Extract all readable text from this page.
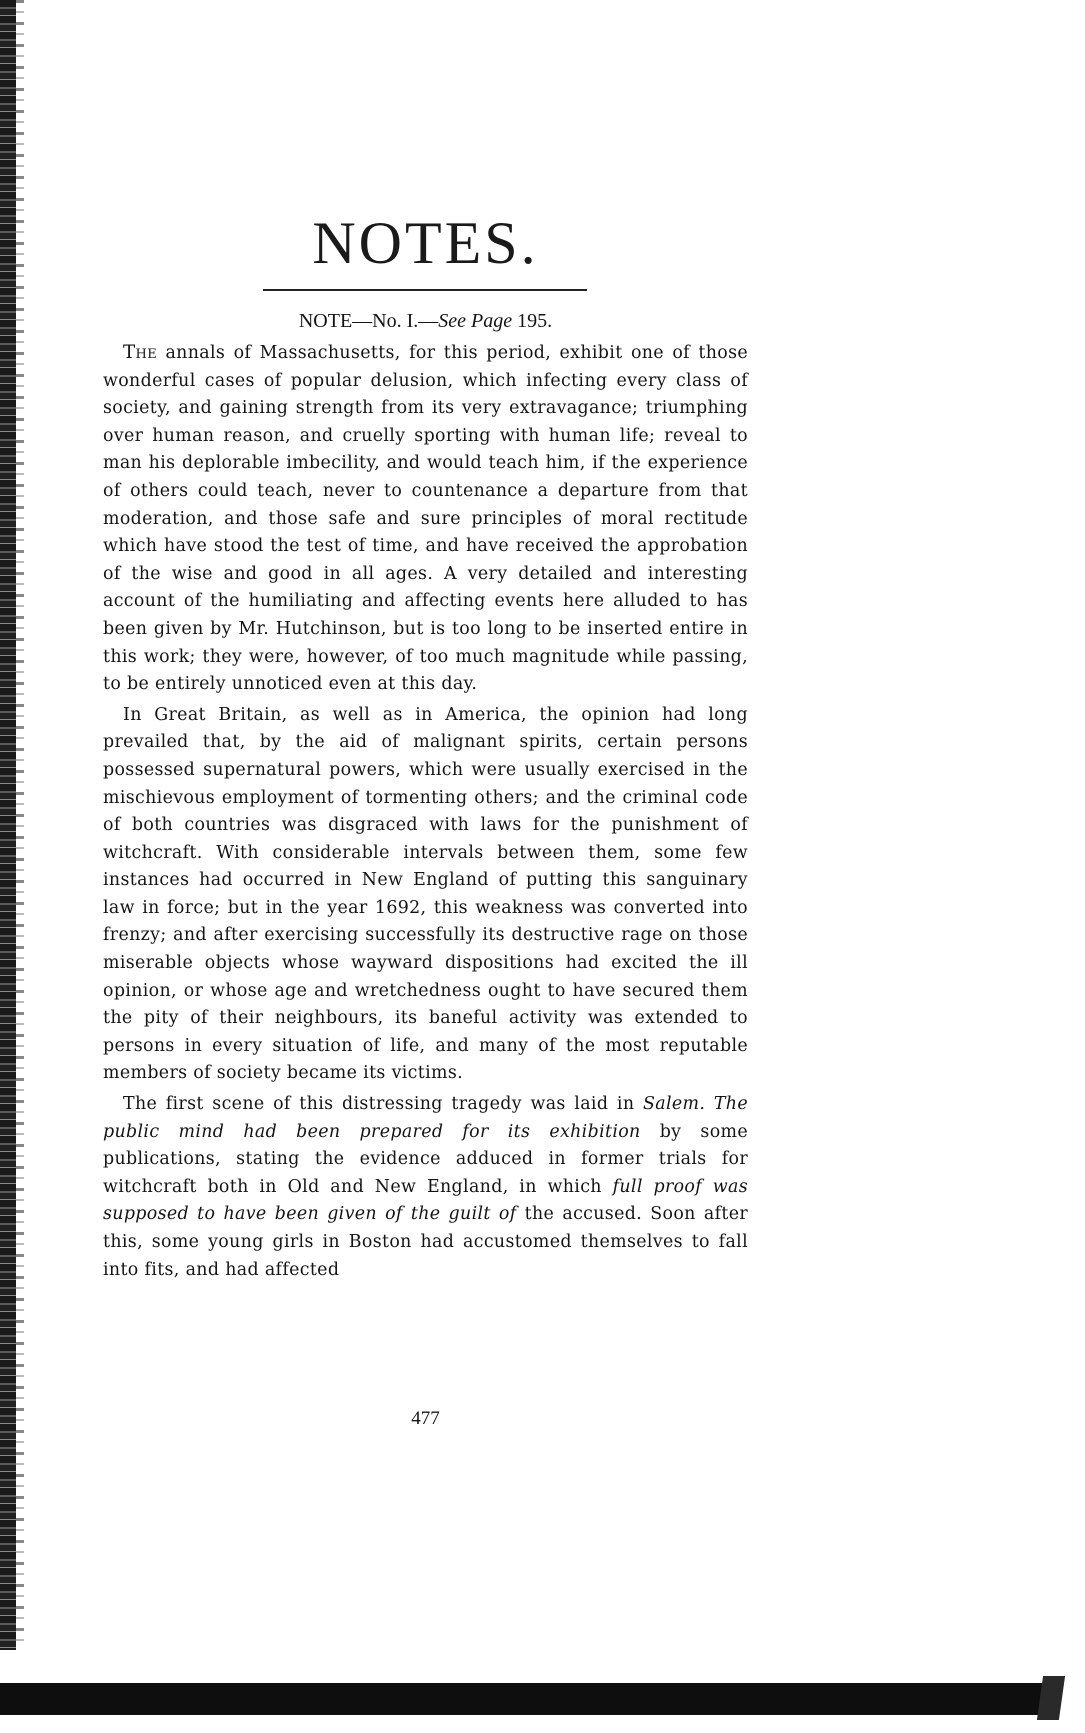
NOTES.

NOTE—No. I.—See Page 195.

The annals of Massachusetts, for this period, exhibit one of those wonderful cases of popular delusion, which infecting every class of society, and gaining strength from its very extravagance; triumphing over human reason, and cruelly sporting with human life; reveal to man his deplorable imbecility, and would teach him, if the experience of others could teach, never to countenance a departure from that moderation, and those safe and sure principles of moral rectitude which have stood the test of time, and have received the approbation of the wise and good in all ages. A very detailed and interesting account of the humiliating and affecting events here alluded to has been given by Mr. Hutchinson, but is too long to be inserted entire in this work; they were, however, of too much magnitude while passing, to be entirely unnoticed even at this day.

In Great Britain, as well as in America, the opinion had long prevailed that, by the aid of malignant spirits, certain persons possessed supernatural powers, which were usually exercised in the mischievous employment of tormenting others; and the criminal code of both countries was disgraced with laws for the punishment of witchcraft. With considerable intervals between them, some few instances had occurred in New England of putting this sanguinary law in force; but in the year 1692, this weakness was converted into frenzy; and after exercising successfully its destructive rage on those miserable objects whose wayward dispositions had excited the ill opinion, or whose age and wretchedness ought to have secured them the pity of their neighbours, its baneful activity was extended to persons in every situation of life, and many of the most reputable members of society became its victims.

The first scene of this distressing tragedy was laid in Salem. The public mind had been prepared for its exhibition by some publications, stating the evidence adduced in former trials for witchcraft both in Old and New England, in which full proof was supposed to have been given of the guilt of the accused. Soon after this, some young girls in Boston had accustomed themselves to fall into fits, and had affected

477
